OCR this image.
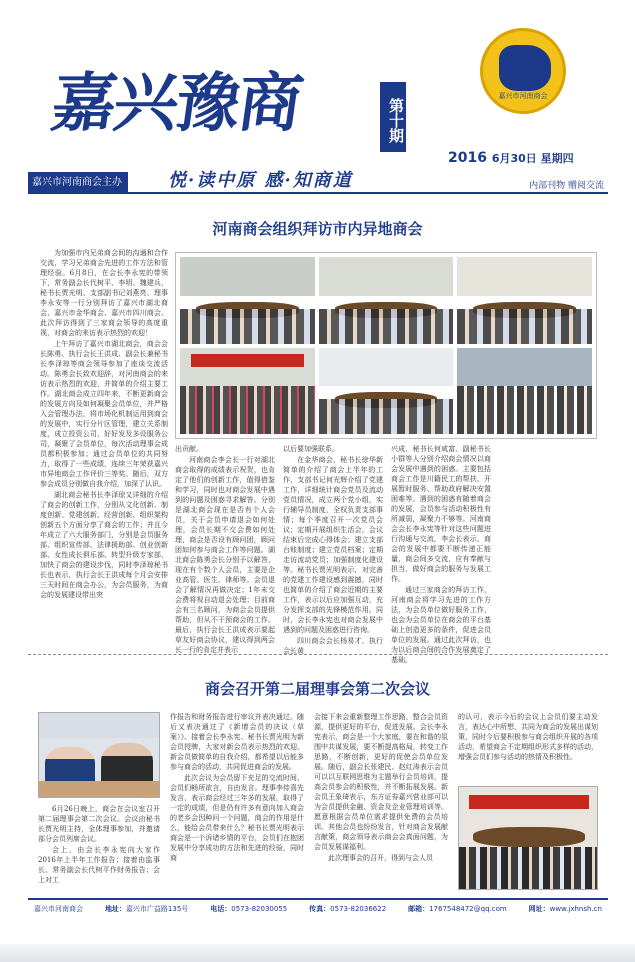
嘉兴豫商	第十期
嘉兴市河南商会
2016 6月30日 星期四
嘉兴市河南商会主办	悦·读中原 感·知商道	内部刊物 赠阅交流
河南商会组织拜访市内异地商会

为加强市内兄弟商会间的沟通和合作交流，学习兄弟商会先进的工作方法和管理经验。6月8日，在会长李永宪的带领下，常务副会长代树平、李明、魏建兵，秘书长贾光明、支部副书记刘燕亮、理事李永安等一行分别拜访了嘉兴市湖北商会、嘉兴市金华商会、嘉兴市四川商会。此次拜访得到了三家商会领导的高度重视，对商会的来访表示热烈的欢迎！

上午拜访了嘉兴市湖北商会，商会会长陈勇、执行会长王洪成、副会长兼秘书长李泽琼等商会领导参加了座谈交流活动。陈勇会长致欢迎辞，对河南商会的来访表示热烈的欢迎，并简单的介绍主要工作。湖北商会成立四年来，不断更新商会的发展方向及如何凝聚会员单位，并严格入会管理办法，将市场化机制运用到商会的发展中，实行分片区管理，建立关系制度，成立投资公司，好好发及多设服务公司，凝聚了会员单位，每次活动理事会成员都积极参加；通过会员单位的共同努力，取得了一些成绩，连续三年荣获嘉兴市异地商会工作评价三等奖。随后，双方参会成员分别做自我介绍，加深了认识。

湖北商会秘书长李泽琼又详细的介绍了商会的创新工作，分别从文化创新、制度创新、党建创新、经营创新、组织架构创新五个方面分享了商会的工作；并且今年成立了六大服务部门，分别是会员服务部、组织宣传部、法律援助部、创业创新部、女性成长俱乐部、转型升级专家部，加快了商会的建设步伐，同时李泽琼秘书长也表示，执行会长王洪成每个月会安排三天时间在商会办公，为会员服务，为商会的发展建设带出突

出贡献。

河南商会李会长一行对湖北商会取得的成绩表示祝贺，也肯定了他们的创新工作，值得借鉴和学习，同时也对商会发展中遇到的问题及困惑寻求解答。分别是湖北商会现在是否有个人会员，关于会员申请退会如何处理，会员长期不交会费如何处理，商会是否设有顾问团，顾问团如何参与商会工作等问题。湖北商会陈勇会长分别予以解答，现在有个数个人会员，主要是企业高管、医生、律师等。会员退会了解情况再做决定；1年未交会费将视自动退会处理；目前商会有三名顾问，为商会会员提供帮助，但从不干预商会的工作。最后，执行会长王洪成表示要起草友好商会协议，建议得到两会长一行的肯定并表示

以后要加强联系。

在金华商会，秘书长徐华新简单的介绍了商会上半年的工作，支部书记何光辉介绍了党建工作，详细统计商会党员及流动党员情况，成立两个党小组，实行辅导员制度，全权负责支部事情；每个季度召开一次党员会议；定期开展组织生活会，会议结束后完成心得体会；建立支部台账制度；建立党员档案；定期走访流动党员；加强制度化建设等。秘书长贾光明表示，对完善的党建工作建设感到震撼，同时也简单的介绍了商会近期的主要工作，表示以后应加强互动，充分发挥支部的先锋模范作用。同时，会长李永宪也对商会发展中遇到的问题及困惑进行咨询。

四川商会会长杨易才、执行会长黄

兴成、秘书长何咸富、副秘书长小群等人分别介绍商会情况以商会发展中遇到的困惑。主要包括商会工作是川籍民工的帮扶、开展暂时服务、帮助政府解决安置困难等。遇到的困惑有随着商会的发展，会员参与活动积极性有所减弱，凝聚力不够等。河南商会会长李永宪等针对这些问题进行沟通与交流，李会长表示，商会的发展中都要不断传递正能量，商会间多交流，应有奉献与担当，做好商会的服务与发展工作。

通过三家商会的拜访工作，河南商会将学习先进的工作方法，为会员单位做好服务工作，也会为会员单位在商会的平台基础上创造更多的条件，促进会员单位的发展。通过此次拜访，也为以后商会间的合作发展奠定了基础。

商会召开第二届理事会第二次会议

6月26日晚上，商会在会议室召开第二届理事会第二次会议。会议由秘书长贾光明主持，全体理事参加，并邀请部分会员列席会议。

会上，由会长李永宪向大家作2016年上半年工作报告；接着由监事长、常务副会长代树平作财务报告；会上对工

作报告和财务报告进行审议并表决通过。随后又表决通过了《新增会员的决议（草案）》。接着会长李永宪、秘书长贾光明为新会员授牌，大家对新会员表示热烈的欢迎。新会员做简单的自我介绍，都希望以后能多参与商会的活动，共同促进商会的发展。

此次会议为会员留下充足的交流时间，会员们畅所欲言，自由发言。理事李侍喜先发言，表示商会经过三年多的发展，取得了一定的成绩，但是仍有许多有意向加入商会的老乡会因种问一个问题，商会的作用是什么，能给会员带来什么？秘书长贾光明表示商会是一个诉诸乡情的平台，会员们在抱团发展中分享成功的方法和先进的经验，同时商

会接下来会重新整理工作思路，整合会员资源，提供更好的平台，促进发展。会长李永宪表示，商会是一个大家庭，要在和谐的氛围中共谋发展，要不断提高格局，转变工作思路，不断创新，更好的促使会员单位发展。随后，副会长张建民、赵红涛表示会员可以以互联网思维为主题举行会员培训，提高会员参会的积极性，并不断拓展发展。新会员王象琦表示，东方证券嘉兴营业部可以为会员提供金融、资金及企业管理培训等。愿意根据会员单位需求提供免费的会员培训。其他会员也纷纷发言，针对商会发展献言献策，商会领导表示商会会真面问题，为会员发展谋福利。

此次理事会的召开，得到与会人员

的认可，表示今后的会议上会员们要主动发言，表达心中所想，共同为商会的发展出谋划策，同时今后要积极参与商会组织开展的各项活动，希望商会不定期组织形式多样的活动，增强会员们参与活动的热情及积极性。

嘉兴市河南商会	地址：嘉兴市广益路135号	电话：0573-82030055	传真：0573-82036622	邮箱：1767548472@qq.com	网址：www.jxhnsh.cn
